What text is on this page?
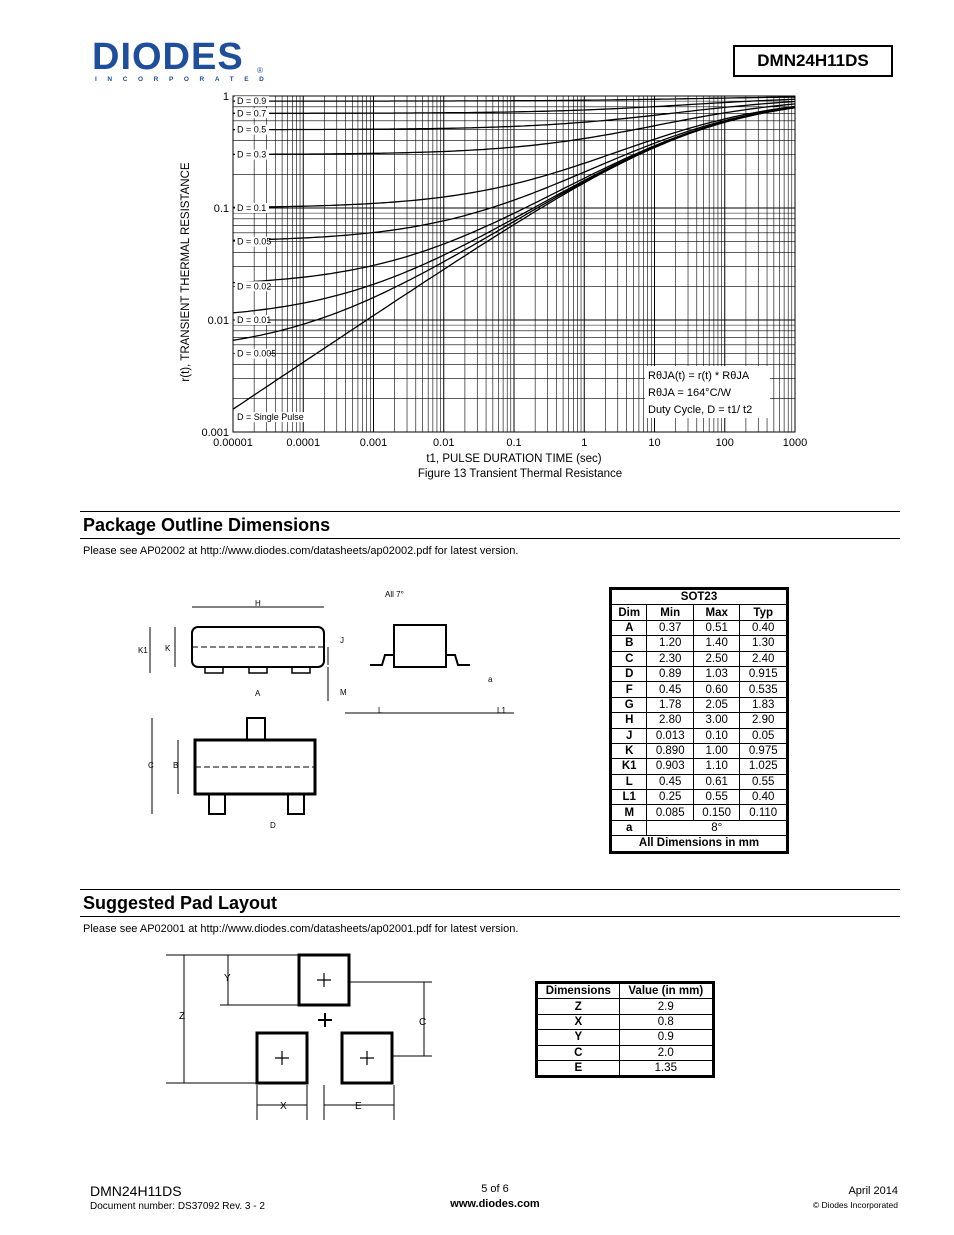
DIODES
INCORPORATED
®
DMN24H11DS
0.00001	0.0001	0.001	0.01	0.1	1	10	100	1000
1
0.1
0.01
0.001
D = 0.9
D = 0.7
D = 0.5
D = 0.3
D = 0.1
D = 0.05
D = 0.02
D = 0.01
D = 0.005
D = Single Pulse
RθJA(t) = r(t) * RθJA
RθJA = 164°C/W
Duty Cycle, D = t1/ t2
t1, PULSE DURATION TIME (sec)
Figure 13 Transient Thermal Resistance
r(t), TRANSIENT THERMAL RESISTANCE
Package Outline Dimensions
Please see AP02002 at http://www.diodes.com/datasheets/ap02002.pdf for latest version.
H
K1 K
J
M
A
All 7°
a
L	L1
C B
D
SOT23			
Dim	Min	Max	Typ
A	0.37	0.51	0.40
B	1.20	1.40	1.30
C	2.30	2.50	2.40
D	0.89	1.03	0.915
F	0.45	0.60	0.535
G	1.78	2.05	1.83
H	2.80	3.00	2.90
J	0.013	0.10	0.05
K	0.890	1.00	0.975
K1	0.903	1.10	1.025
L	0.45	0.61	0.55
L1	0.25	0.55	0.40
M	0.085	0.150	0.110
a	8°		
All Dimensions in mm			
Suggested Pad Layout
Please see AP02001 at http://www.diodes.com/datasheets/ap02001.pdf for latest version.
Z
Y
C
X	E
Dimensions	Value (in mm)
Z	2.9
X	0.8
Y	0.9
C	2.0
E	1.35
DMN24H11DS
Document number: DS37092 Rev. 3 - 2
5 of 6
www.diodes.com
April 2014
© Diodes Incorporated
